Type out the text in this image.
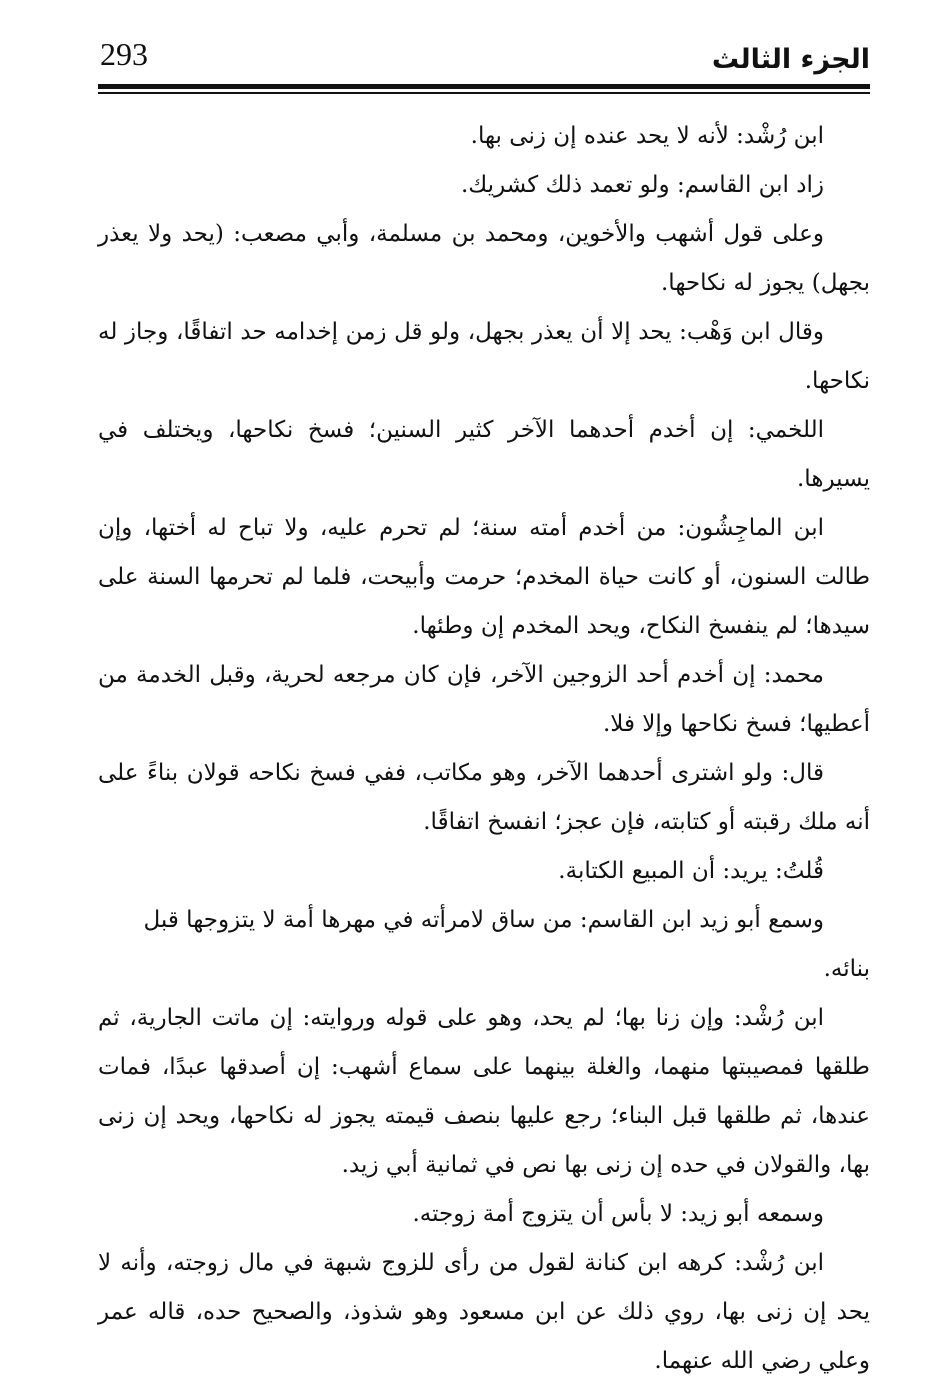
الجزء الثالث
293

ابن رُشْد: لأنه لا يحد عنده إن زنى بها.

زاد ابن القاسم: ولو تعمد ذلك كشريك.

وعلى قول أشهب والأخوين، ومحمد بن مسلمة، وأبي مصعب: (يحد ولا يعذر بجهل) يجوز له نكاحها.

وقال ابن وَهْب: يحد إلا أن يعذر بجهل، ولو قل زمن إخدامه حد اتفاقًا، وجاز له نكاحها.

اللخمي: إن أخدم أحدهما الآخر كثير السنين؛ فسخ نكاحها، ويختلف في يسيرها.

ابن الماجِشُون: من أخدم أمته سنة؛ لم تحرم عليه، ولا تباح له أختها، وإن طالت السنون، أو كانت حياة المخدم؛ حرمت وأبيحت، فلما لم تحرمها السنة على سيدها؛ لم ينفسخ النكاح، ويحد المخدم إن وطئها.

محمد: إن أخدم أحد الزوجين الآخر، فإن كان مرجعه لحرية، وقبل الخدمة من أعطيها؛ فسخ نكاحها وإلا فلا.

قال: ولو اشترى أحدهما الآخر، وهو مكاتب، ففي فسخ نكاحه قولان بناءً على أنه ملك رقبته أو كتابته، فإن عجز؛ انفسخ اتفاقًا.

قُلتُ: يريد: أن المبيع الكتابة.

وسمع أبو زيد ابن القاسم: من ساق لامرأته في مهرها أمة لا يتزوجها قبل بنائه.

ابن رُشْد: وإن زنا بها؛ لم يحد، وهو على قوله وروايته: إن ماتت الجارية، ثم طلقها فمصيبتها منهما، والغلة بينهما على سماع أشهب: إن أصدقها عبدًا، فمات عندها، ثم طلقها قبل البناء؛ رجع عليها بنصف قيمته يجوز له نكاحها، ويحد إن زنى بها، والقولان في حده إن زنى بها نص في ثمانية أبي زيد.

وسمعه أبو زيد: لا بأس أن يتزوج أمة زوجته.

ابن رُشْد: كرهه ابن كنانة لقول من رأى للزوج شبهة في مال زوجته، وأنه لا يحد إن زنى بها، روي ذلك عن ابن مسعود وهو شذوذ، والصحيح حده، قاله عمر وعلي رضي الله عنهما.
